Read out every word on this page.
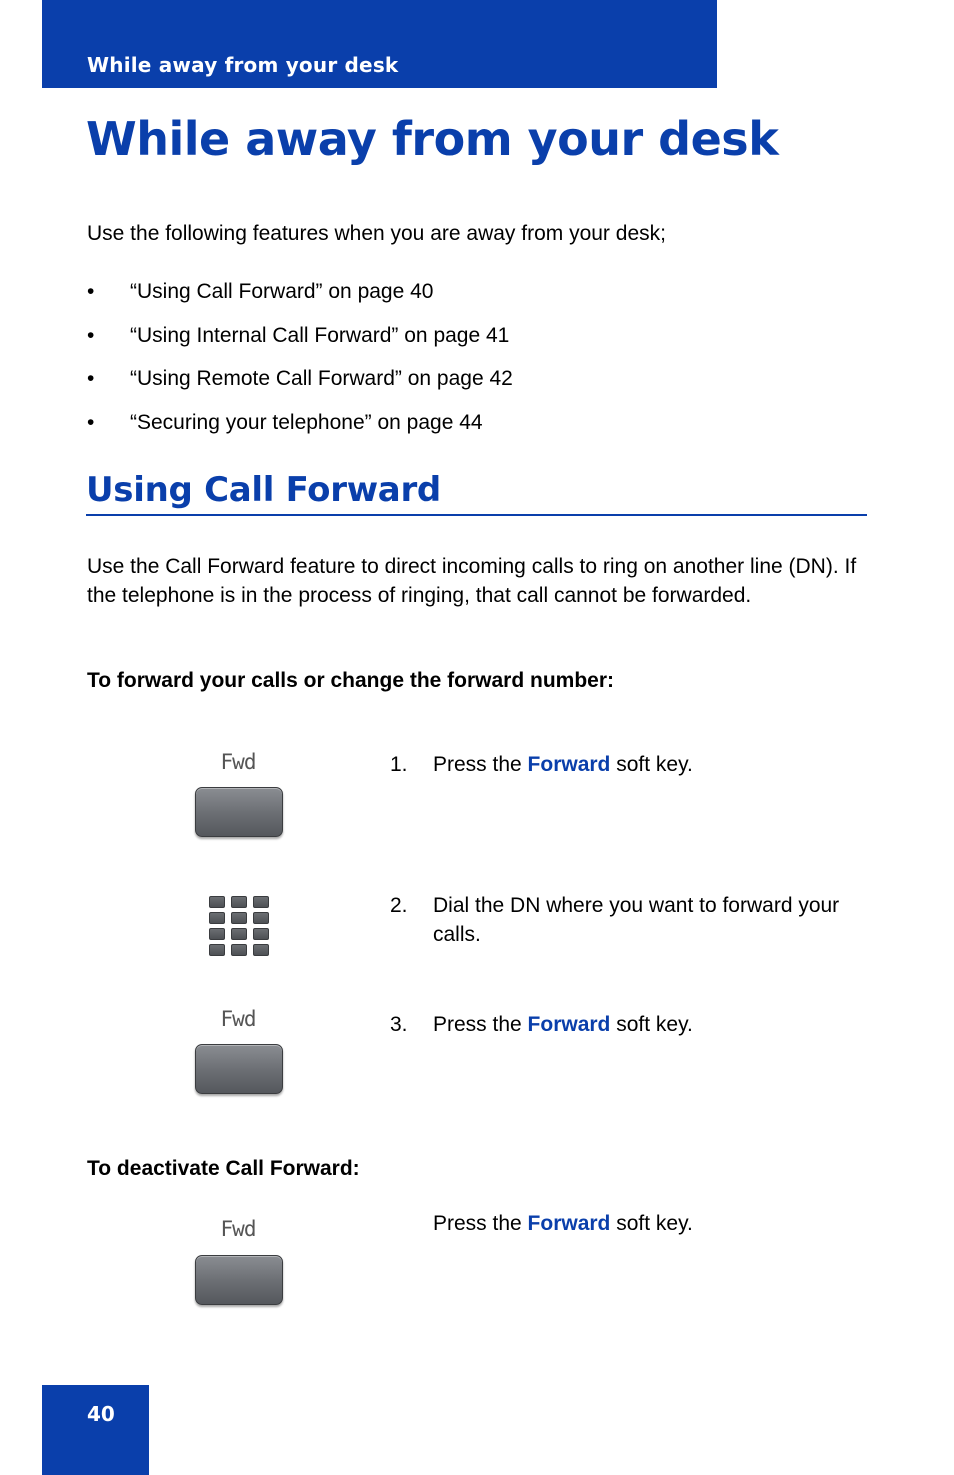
While away from your desk
While away from your desk

Use the following features when you are away from your desk;

• “Using Call Forward” on page 40
• “Using Internal Call Forward” on page 41
• “Using Remote Call Forward” on page 42
• “Securing your telephone” on page 44
Using Call Forward

Use the Call Forward feature to direct incoming calls to ring on another line (DN). If the telephone is in the process of ringing, that call cannot be forwarded.

To forward your calls or change the forward number:

Fwd	1. Press the Forward soft key.
2. Dial the DN where you want to forward your calls.
Fwd	3. Press the Forward soft key.

To deactivate Call Forward:

Fwd	Press the Forward soft key.
40
